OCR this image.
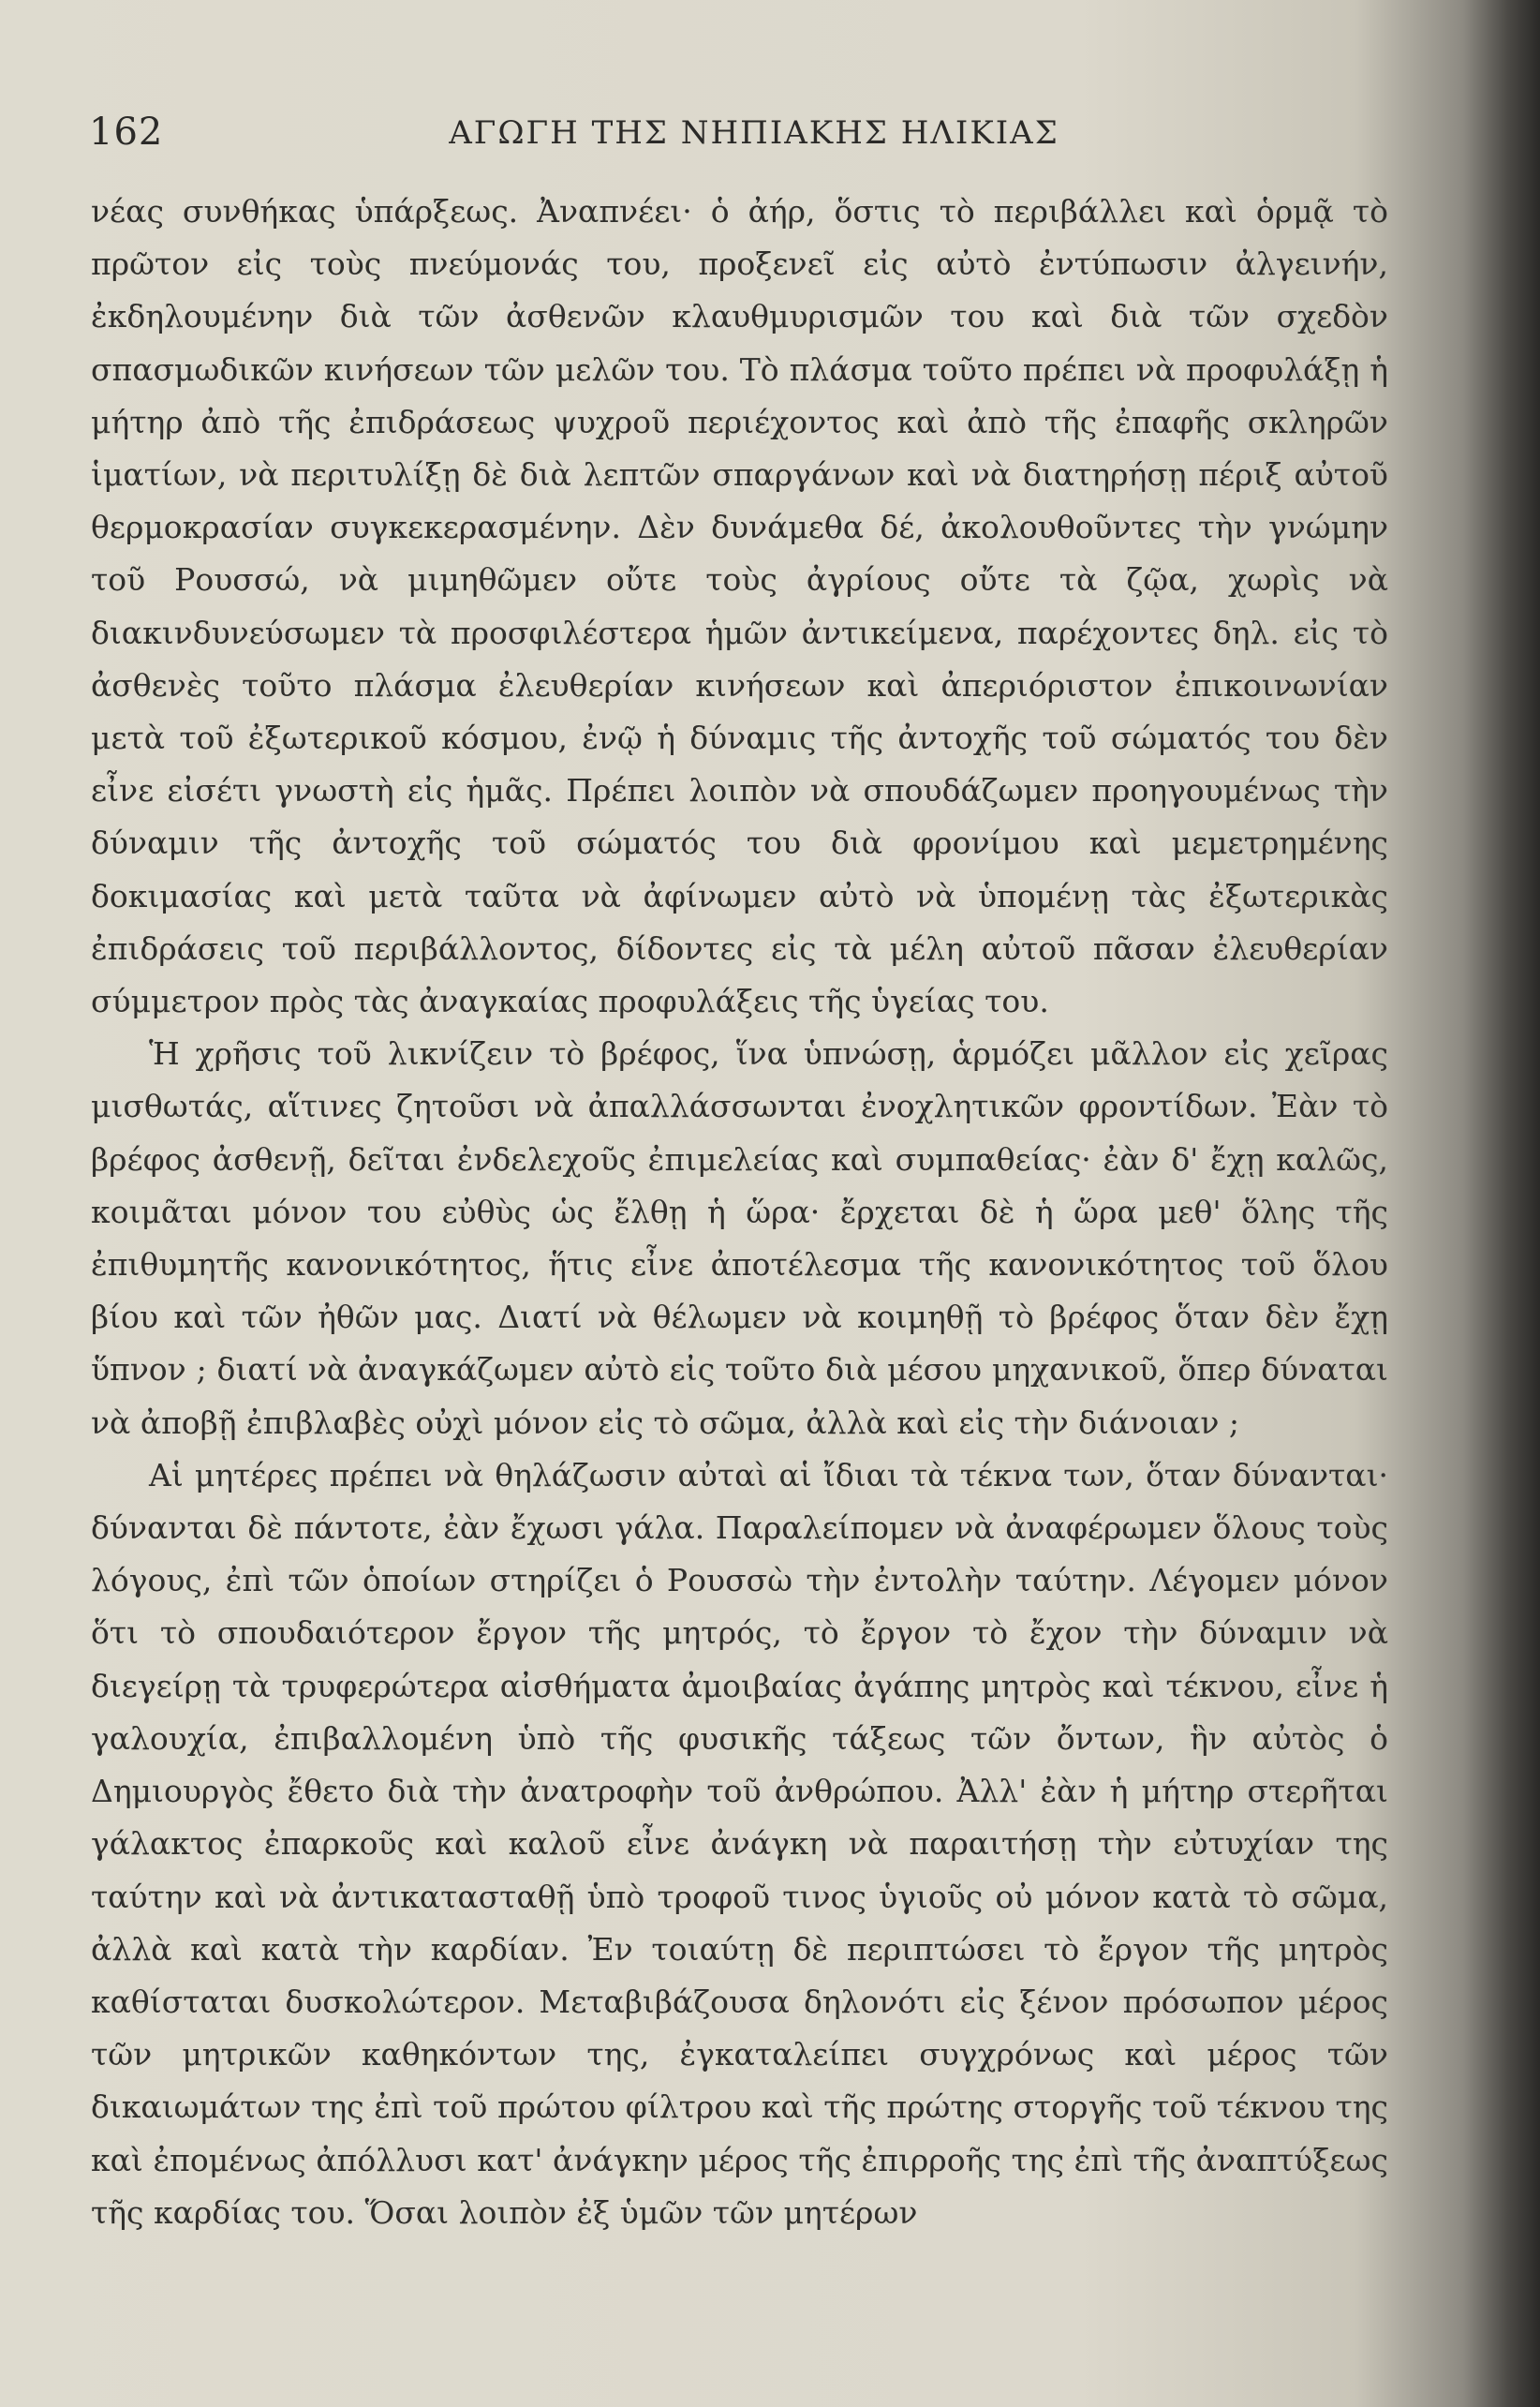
162	ΑΓΩΓΗ ΤΗΣ ΝΗΠΙΑΚΗΣ ΗΛΙΚΙΑΣ

νέας συνθήκας ὑπάρξεως. Ἀναπνέει· ὁ ἀήρ, ὅστις τὸ περιβάλλει καὶ ὁρμᾷ τὸ πρῶτον εἰς τοὺς πνεύμονάς του, προξενεῖ εἰς αὐτὸ ἐντύπωσιν ἀλγεινήν, ἐκδηλουμένην διὰ τῶν ἀσθενῶν κλαυθμυρισμῶν του καὶ διὰ τῶν σχεδὸν σπασμωδικῶν κινήσεων τῶν μελῶν του. Τὸ πλάσμα τοῦτο πρέπει νὰ προφυλάξῃ ἡ μήτηρ ἀπὸ τῆς ἐπιδράσεως ψυχροῦ περιέχοντος καὶ ἀπὸ τῆς ἐπαφῆς σκληρῶν ἱματίων, νὰ περιτυλίξῃ δὲ διὰ λεπτῶν σπαργάνων καὶ νὰ διατηρήσῃ πέριξ αὐτοῦ θερμοκρασίαν συγκεκερασμένην. Δὲν δυνάμεθα δέ, ἀκολουθοῦντες τὴν γνώμην τοῦ Ρουσσώ, νὰ μιμηθῶμεν οὔτε τοὺς ἀγρίους οὔτε τὰ ζῷα, χωρὶς νὰ διακινδυνεύσωμεν τὰ προσφιλέστερα ἡμῶν ἀντικείμενα, παρέχοντες δηλ. εἰς τὸ ἀσθενὲς τοῦτο πλάσμα ἐλευθερίαν κινήσεων καὶ ἀπεριόριστον ἐπικοινωνίαν μετὰ τοῦ ἐξωτερικοῦ κόσμου, ἐνῷ ἡ δύναμις τῆς ἀντοχῆς τοῦ σώματός του δὲν εἶνε εἰσέτι γνωστὴ εἰς ἡμᾶς. Πρέπει λοιπὸν νὰ σπουδάζωμεν προηγουμένως τὴν δύναμιν τῆς ἀντοχῆς τοῦ σώματός του διὰ φρονίμου καὶ μεμετρημένης δοκιμασίας καὶ μετὰ ταῦτα νὰ ἀφίνωμεν αὐτὸ νὰ ὑπομένῃ τὰς ἐξωτερικὰς ἐπιδράσεις τοῦ περιβάλλοντος, δίδοντες εἰς τὰ μέλη αὐτοῦ πᾶσαν ἐλευθερίαν σύμμετρον πρὸς τὰς ἀναγκαίας προφυλάξεις τῆς ὑγείας του.

Ἡ χρῆσις τοῦ λικνίζειν τὸ βρέφος, ἵνα ὑπνώσῃ, ἁρμόζει μᾶλλον εἰς χεῖρας μισθωτάς, αἵτινες ζητοῦσι νὰ ἀπαλλάσσωνται ἐνοχλητικῶν φροντίδων. Ἐὰν τὸ βρέφος ἀσθενῇ, δεῖται ἐνδελεχοῦς ἐπιμελείας καὶ συμπαθείας· ἐὰν δ' ἔχῃ καλῶς, κοιμᾶται μόνον του εὐθὺς ὡς ἔλθῃ ἡ ὥρα· ἔρχεται δὲ ἡ ὥρα μεθ' ὅλης τῆς ἐπιθυμητῆς κανονικότητος, ἥτις εἶνε ἀποτέλεσμα τῆς κανονικότητος τοῦ ὅλου βίου καὶ τῶν ἠθῶν μας. Διατί νὰ θέλωμεν νὰ κοιμηθῇ τὸ βρέφος ὅταν δὲν ἔχῃ ὕπνον ; διατί νὰ ἀναγκάζωμεν αὐτὸ εἰς τοῦτο διὰ μέσου μηχανικοῦ, ὅπερ δύναται νὰ ἀποβῇ ἐπιβλαβὲς οὐχὶ μόνον εἰς τὸ σῶμα, ἀλλὰ καὶ εἰς τὴν διάνοιαν ;

Αἱ μητέρες πρέπει νὰ θηλάζωσιν αὐταὶ αἱ ἴδιαι τὰ τέκνα των, ὅταν δύνανται· δύνανται δὲ πάντοτε, ἐὰν ἔχωσι γάλα. Παραλείπομεν νὰ ἀναφέρωμεν ὅλους τοὺς λόγους, ἐπὶ τῶν ὁποίων στηρίζει ὁ Ρουσσὼ τὴν ἐντολὴν ταύτην. Λέγομεν μόνον ὅτι τὸ σπουδαιότερον ἔργον τῆς μητρός, τὸ ἔργον τὸ ἔχον τὴν δύναμιν νὰ διεγείρῃ τὰ τρυφερώτερα αἰσθήματα ἀμοιβαίας ἀγάπης μητρὸς καὶ τέκνου, εἶνε ἡ γαλουχία, ἐπιβαλλομένη ὑπὸ τῆς φυσικῆς τάξεως τῶν ὄντων, ἣν αὐτὸς ὁ Δημιουργὸς ἔθετο διὰ τὴν ἀνατροφὴν τοῦ ἀνθρώπου. Ἀλλ' ἐὰν ἡ μήτηρ στερῆται γάλακτος ἐπαρκοῦς καὶ καλοῦ εἶνε ἀνάγκη νὰ παραιτήσῃ τὴν εὐτυχίαν της ταύτην καὶ νὰ ἀντικατασταθῇ ὑπὸ τροφοῦ τινος ὑγιοῦς οὐ μόνον κατὰ τὸ σῶμα, ἀλλὰ καὶ κατὰ τὴν καρδίαν. Ἐν τοιαύτῃ δὲ περιπτώσει τὸ ἔργον τῆς μητρὸς καθίσταται δυσκολώτερον. Μεταβιβάζουσα δηλονότι εἰς ξένον πρόσωπον μέρος τῶν μητρικῶν καθηκόντων της, ἐγκαταλείπει συγχρόνως καὶ μέρος τῶν δικαιωμάτων της ἐπὶ τοῦ πρώτου φίλτρου καὶ τῆς πρώτης στοργῆς τοῦ τέκνου της καὶ ἐπομένως ἀπόλλυσι κατ' ἀνάγκην μέρος τῆς ἐπιρροῆς της ἐπὶ τῆς ἀναπτύξεως τῆς καρδίας του. Ὅσαι λοιπὸν ἐξ ὑμῶν τῶν μητέρων
